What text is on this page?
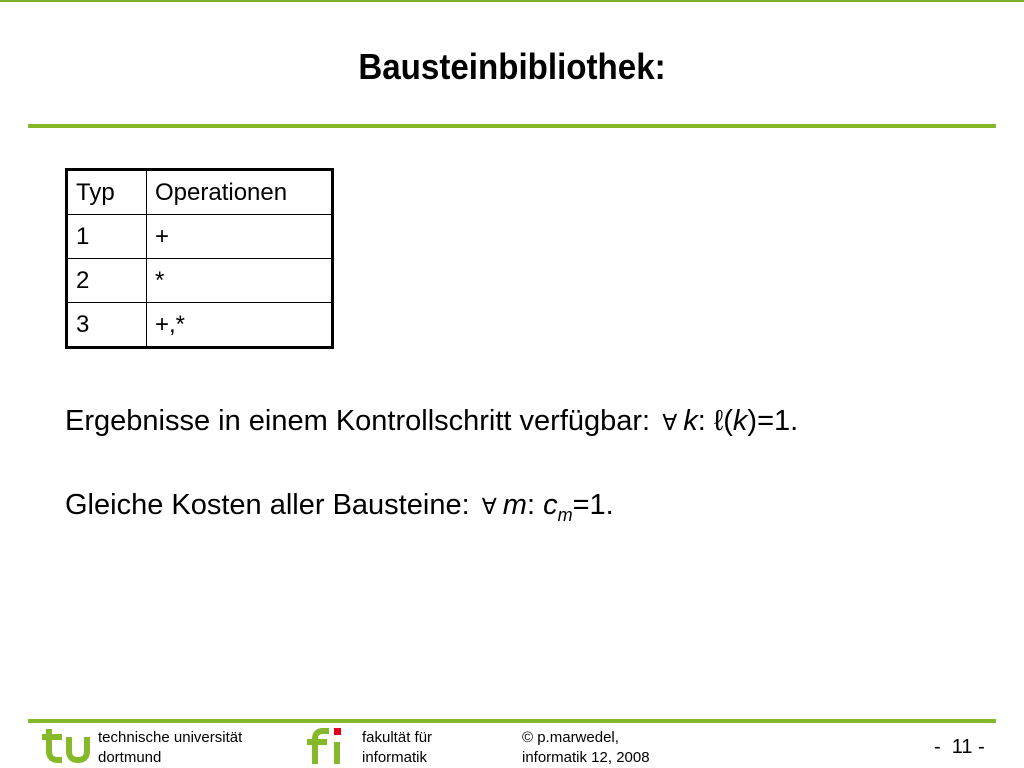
Bausteinbibliothek:
Typ	Operationen
1	+
2	*
3	+,*
Ergebnisse in einem Kontrollschritt verfügbar: ∀ k: ℓ(k)=1.
Gleiche Kosten aller Bausteine: ∀ m: $c_m=1$.
technische universität
dortmund
fakultät für
informatik
© p.marwedel,
informatik 12, 2008	-  11 -
